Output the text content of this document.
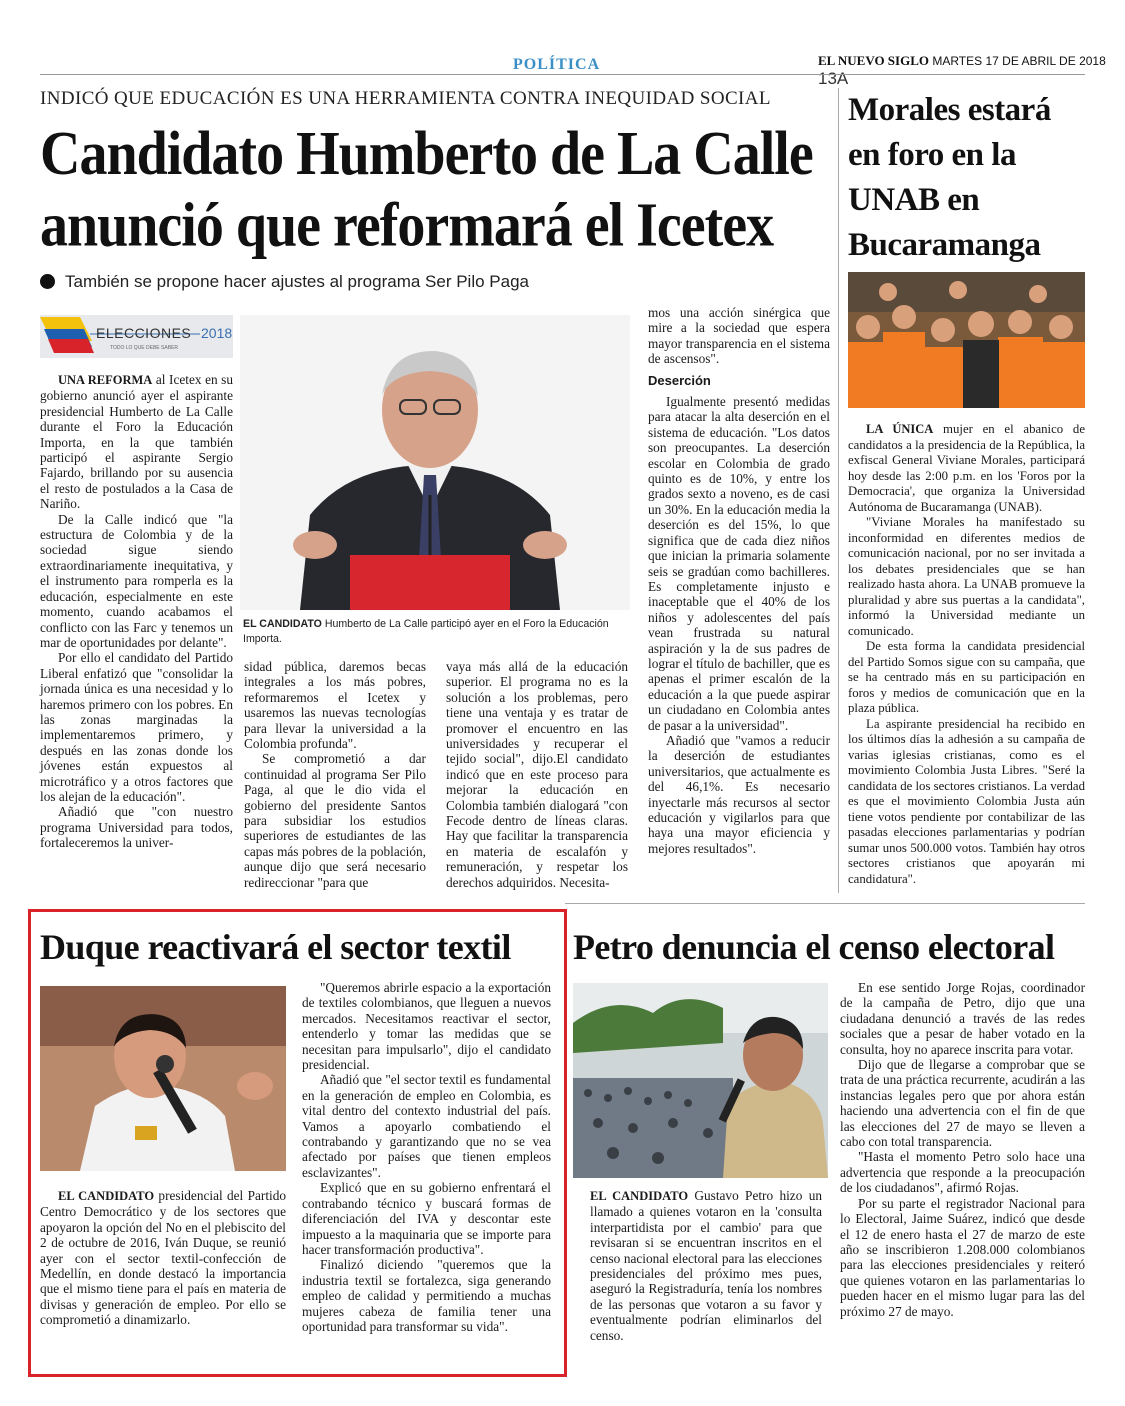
POLÍTICA	EL NUEVO SIGLO MARTES 17 DE ABRIL DE 2018 13A
INDICÓ QUE EDUCACIÓN ES UNA HERRAMIENTA CONTRA INEQUIDAD SOCIAL
Candidato Humberto de La Calle anunció que reformará el Icetex
También se propone hacer ajustes al programa Ser Pilo Paga
ELECCIONES 2018
TODO LO QUE DEBE SABER
EL CANDIDATO Humberto de La Calle participó ayer en el Foro la Educación Importa.

UNA REFORMA al Icetex en su gobierno anunció ayer el aspirante presidencial Humberto de La Calle durante el Foro la Educación Importa, en la que también participó el aspirante Sergio Fajardo, brillando por su ausencia el resto de postulados a la Casa de Nariño.

De la Calle indicó que "la estructura de Colombia y de la sociedad sigue siendo extraordinariamente inequitativa, y el instrumento para romperla es la educación, especialmente en este momento, cuando acabamos el conflicto con las Farc y tenemos un mar de oportunidades por delante".

Por ello el candidato del Partido Liberal enfatizó que "consolidar la jornada única es una necesidad y lo haremos primero con los pobres. En las zonas marginadas la implementaremos primero, y después en las zonas donde los jóvenes están expuestos al microtráfico y a otros factores que los alejan de la educación".

Añadió que "con nuestro programa Universidad para todos, fortaleceremos la univer-

sidad pública, daremos becas integrales a los más pobres, reformaremos el Icetex y usaremos las nuevas tecnologías para llevar la universidad a la Colombia profunda".

Se comprometió a dar continuidad al programa Ser Pilo Paga, al que le dio vida el gobierno del presidente Santos para subsidiar los estudios superiores de estudiantes de las capas más pobres de la población, aunque dijo que será necesario redireccionar "para que

vaya más allá de la educación superior. El programa no es la solución a los problemas, pero tiene una ventaja y es tratar de promover el encuentro en las universidades y recuperar el tejido social", dijo.El candidato indicó que en este proceso para mejorar la educación en Colombia también dialogará "con Fecode dentro de líneas claras. Hay que facilitar la transparencia en materia de escalafón y remuneración, y respetar los derechos adquiridos. Necesita-

mos una acción sinérgica que mire a la sociedad que espera mayor transparencia en el sistema de ascensos".

Deserción

Igualmente presentó medidas para atacar la alta deserción en el sistema de educación. "Los datos son preocupantes. La deserción escolar en Colombia de grado quinto es de 10%, y entre los grados sexto a noveno, es de casi un 30%. En la educación media la deserción es del 15%, lo que significa que de cada diez niños que inician la primaria solamente seis se gradúan como bachilleres. Es completamente injusto e inaceptable que el 40% de los niños y adolescentes del país vean frustrada su natural aspiración y la de sus padres de lograr el título de bachiller, que es apenas el primer escalón de la educación a la que puede aspirar un ciudadano en Colombia antes de pasar a la universidad".

Añadió que "vamos a reducir la deserción de estudiantes universitarios, que actualmente es del 46,1%. Es necesario inyectarle más recursos al sector educación y vigilarlos para que haya una mayor eficiencia y mejores resultados".

Morales estará en foro en la UNAB en Bucaramanga

LA ÚNICA mujer en el abanico de candidatos a la presidencia de la República, la exfiscal General Viviane Morales, participará hoy desde las 2:00 p.m. en los 'Foros por la Democracia', que organiza la Universidad Autónoma de Bucaramanga (UNAB).

"Viviane Morales ha manifestado su inconformidad en diferentes medios de comunicación nacional, por no ser invitada a los debates presidenciales que se han realizado hasta ahora. La UNAB promueve la pluralidad y abre sus puertas a la candidata", informó la Universidad mediante un comunicado.

De esta forma la candidata presidencial del Partido Somos sigue con su campaña, que se ha centrado más en su participación en foros y medios de comunicación que en la plaza pública.

La aspirante presidencial ha recibido en los últimos días la adhesión a su campaña de varias iglesias cristianas, como es el movimiento Colombia Justa Libres. "Seré la candidata de los sectores cristianos. La verdad es que el movimiento Colombia Justa aún tiene votos pendiente por contabilizar de las pasadas elecciones parlamentarias y podrían sumar unos 500.000 votos. También hay otros sectores cristianos que apoyarán mi candidatura".

Duque reactivará el sector textil

EL CANDIDATO presidencial del Partido Centro Democrático y de los sectores que apoyaron la opción del No en el plebiscito del 2 de octubre de 2016, Iván Duque, se reunió ayer con el sector textil-confección de Medellín, en donde destacó la importancia que el mismo tiene para el país en materia de divisas y generación de empleo. Por ello se comprometió a dinamizarlo.

"Queremos abrirle espacio a la exportación de textiles colombianos, que lleguen a nuevos mercados. Necesitamos reactivar el sector, entenderlo y tomar las medidas que se necesitan para impulsarlo", dijo el candidato presidencial.

Añadió que "el sector textil es fundamental en la generación de empleo en Colombia, es vital dentro del contexto industrial del país. Vamos a apoyarlo combatiendo el contrabando y garantizando que no se vea afectado por países que tienen empleos esclavizantes".

Explicó que en su gobierno enfrentará el contrabando técnico y buscará formas de diferenciación del IVA y descontar este impuesto a la maquinaria que se importe para hacer transformación productiva".

Finalizó diciendo "queremos que la industria textil se fortalezca, siga generando empleo de calidad y permitiendo a muchas mujeres cabeza de familia tener una oportunidad para transformar su vida".

Petro denuncia el censo electoral

EL CANDIDATO Gustavo Petro hizo un llamado a quienes votaron en la 'consulta interpartidista por el cambio' para que revisaran si se encuentran inscritos en el censo nacional electoral para las elecciones presidenciales del próximo mes pues, aseguró la Registraduría, tenía los nombres de las personas que votaron a su favor y eventualmente podrían eliminarlos del censo.

En ese sentido Jorge Rojas, coordinador de la campaña de Petro, dijo que una ciudadana denunció a través de las redes sociales que a pesar de haber votado en la consulta, hoy no aparece inscrita para votar.

Dijo que de llegarse a comprobar que se trata de una práctica recurrente, acudirán a las instancias legales pero que por ahora están haciendo una advertencia con el fin de que las elecciones del 27 de mayo se lleven a cabo con total transparencia.

"Hasta el momento Petro solo hace una advertencia que responde a la preocupación de los ciudadanos", afirmó Rojas.

Por su parte el registrador Nacional para lo Electoral, Jaime Suárez, indicó que desde el 12 de enero hasta el 27 de marzo de este año se inscribieron 1.208.000 colombianos para las elecciones presidenciales y reiteró que quienes votaron en las parlamentarias lo pueden hacer en el mismo lugar para las del próximo 27 de mayo.
